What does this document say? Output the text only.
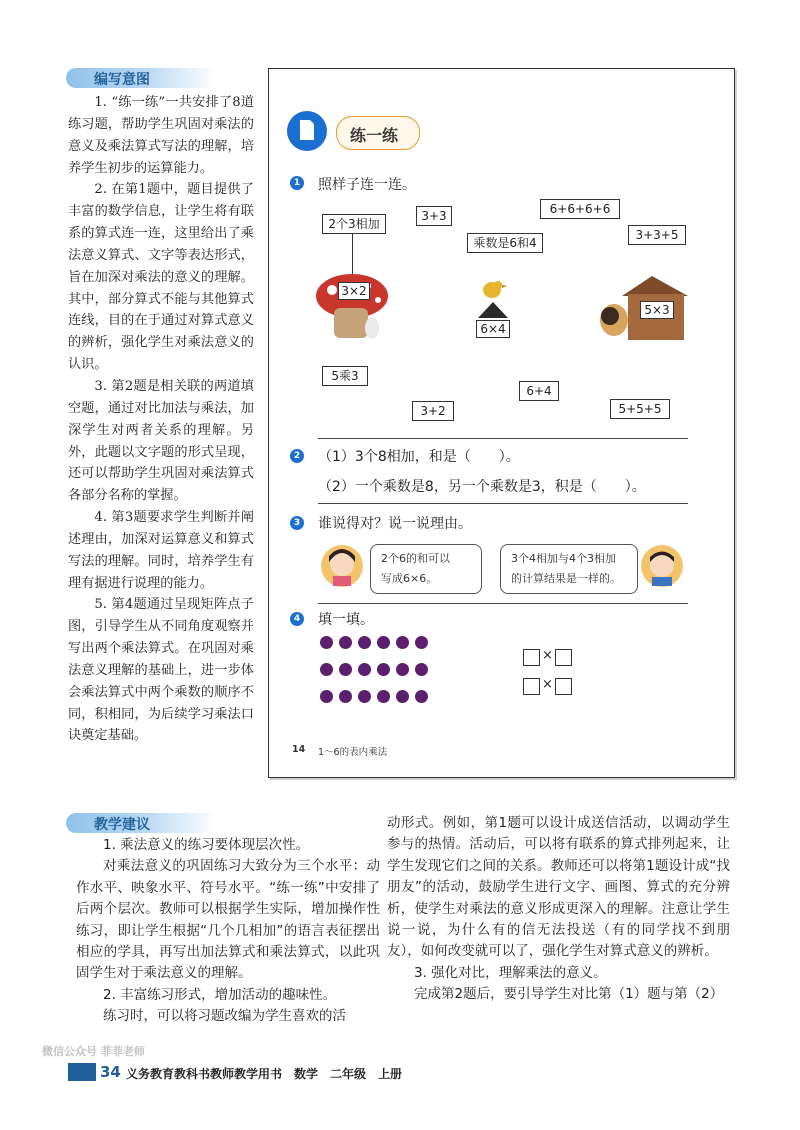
编写意图

1. “练一练”一共安排了8道练习题，帮助学生巩固对乘法的意义及乘法算式写法的理解，培养学生初步的运算能力。

2. 在第1题中，题目提供了丰富的数学信息，让学生将有联系的算式连一连，这里给出了乘法意义算式、文字等表达形式，旨在加深对乘法的意义的理解。其中，部分算式不能与其他算式连线，目的在于通过对算式意义的辨析，强化学生对乘法意义的认识。

3. 第2题是相关联的两道填空题，通过对比加法与乘法，加深学生对两者关系的理解。另外，此题以文字题的形式呈现，还可以帮助学生巩固对乘法算式各部分名称的掌握。

4. 第3题要求学生判断并阐述理由，加深对运算意义和算式写法的理解。同时，培养学生有理有据进行说理的能力。

5. 第4题通过呈现矩阵点子图，引导学生从不同角度观察并写出两个乘法算式。在巩固对乘法意义理解的基础上，进一步体会乘法算式中两个乘数的顺序不同，积相同，为后续学习乘法口诀奠定基础。

练一练
1 照样子连一连。
2个3相加
3+3	6+6+6+6
3+3+5
乘数是6和4
3×2
6×4
5×3
5乘3
6+4
3+2	5+5+5
2 （1）3个8相加，和是（　　）。
（2）一个乘数是8，另一个乘数是3，积是（　　）。
3 谁说得对？说一说理由。
2个6的和可以
写成6×6。
3个4相加与4个3相加
的计算结果是一样的。
4 填一填。
×
×
14 1～6的表内乘法
教学建议

1. 乘法意义的练习要体现层次性。

对乘法意义的巩固练习大致分为三个水平：动作水平、映象水平、符号水平。“练一练”中安排了后两个层次。教师可以根据学生实际，增加操作性练习，即让学生根据“几个几相加”的语言表征摆出相应的学具，再写出加法算式和乘法算式，以此巩固学生对于乘法意义的理解。

2. 丰富练习形式，增加活动的趣味性。

练习时，可以将习题改编为学生喜欢的活

动形式。例如，第1题可以设计成送信活动，以调动学生参与的热情。活动后，可以将有联系的算式排列起来，让学生发现它们之间的关系。教师还可以将第1题设计成“找朋友”的活动，鼓励学生进行文字、画图、算式的充分辨析，使学生对乘法的意义形成更深入的理解。注意让学生说一说，为什么有的信无法投送（有的同学找不到朋友），如何改变就可以了，强化学生对算式意义的辨析。

3. 强化对比，理解乘法的意义。

完成第2题后，要引导学生对比第（1）题与第（2）

微信公众号 菲菲老师
34 义务教育教科书教师教学用书　数学　二年级　上册
